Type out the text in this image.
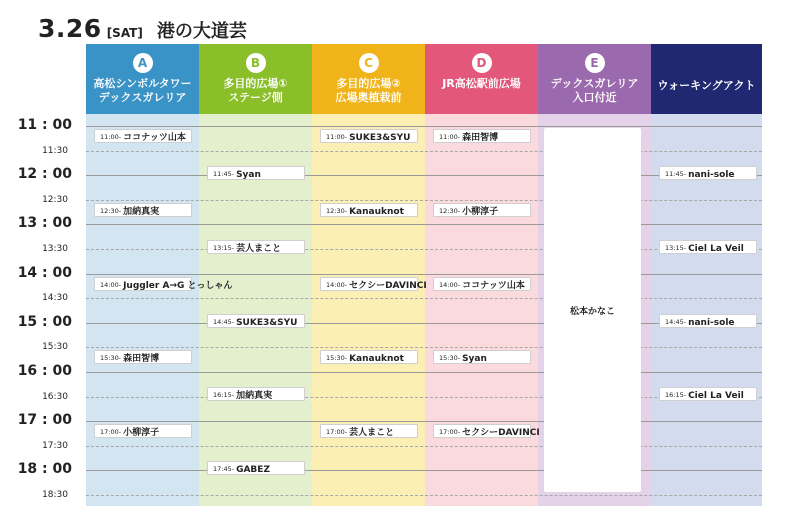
3.26 [SAT] 港の大道芸
A
高松シンボルタワー
デックスガレリア
B
多目的広場①
ステージ側
C
多目的広場②
広場奥植栽前
D
JR高松駅前広場
E
デックスガレリア
入口付近
ウォーキングアクト
11 : 00
11:30
12 : 00
12:30
13 : 00
13:30
14 : 00
14:30
15 : 00
15:30
16 : 00
16:30
17 : 00
17:30
18 : 00
18:30
11:00- ココナッツ山本
12:30- 加納真実
14:00- Juggler A→G とっしゃん
15:30- 森田智博
17:00- 小柳淳子
11:45- Syan
13:15- 芸人まこと
14:45- SUKE3&SYU
16:15- 加納真実
17:45- GABEZ
11:00- SUKE3&SYU
12:30- Kanauknot
14:00- セクシーDAVINCI
15:30- Kanauknot
17:00- 芸人まこと
11:00- 森田智博
12:30- 小柳淳子
14:00- ココナッツ山本
15:30- Syan
17:00- セクシーDAVINCI
11:45- nani-sole
13:15- Ciel La Veil
14:45- nani-sole
16:15- Ciel La Veil
松本かなこ
